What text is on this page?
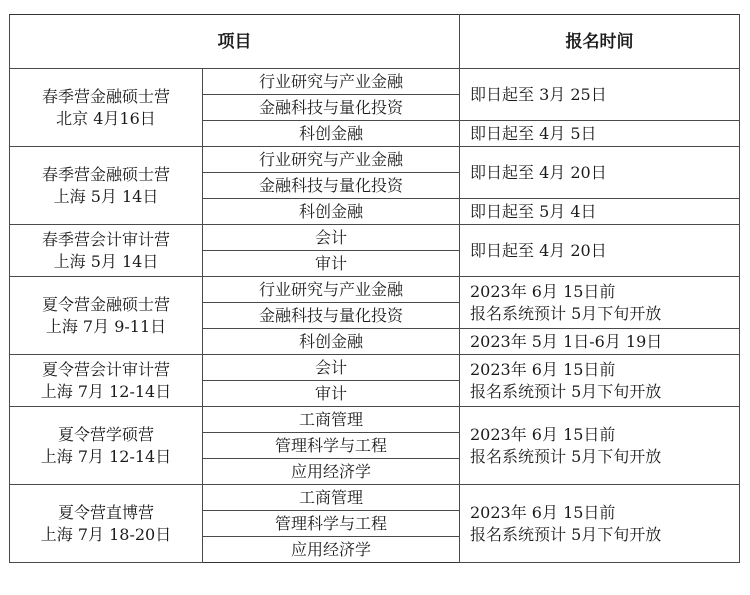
项目		报名时间

春季营金融硕士营
北京 4月16日	行业研究与产业金融	即日起至 3月 25日

	金融科技与量化投资	
	科创金融	即日起至 4月 5日

春季营金融硕士营
上海 5月 14日	行业研究与产业金融	即日起至 4月 20日

	金融科技与量化投资	
	科创金融	即日起至 5月 4日

春季营会计审计营
上海 5月 14日	会计	即日起至 4月 20日

	审计	

夏令营金融硕士营
上海 7月 9-11日	行业研究与产业金融	2023年 6月 15日前
报名系统预计 5月下旬开放

	金融科技与量化投资	
	科创金融	2023年 5月 1日-6月 19日

夏令营会计审计营
上海 7月 12-14日	会计	2023年 6月 15日前
报名系统预计 5月下旬开放

	审计	

夏令营学硕营
上海 7月 12-14日	工商管理	2023年 6月 15日前
报名系统预计 5月下旬开放

	管理科学与工程	
	应用经济学	

夏令营直博营
上海 7月 18-20日	工商管理	2023年 6月 15日前
报名系统预计 5月下旬开放

	管理科学与工程	
	应用经济学	
